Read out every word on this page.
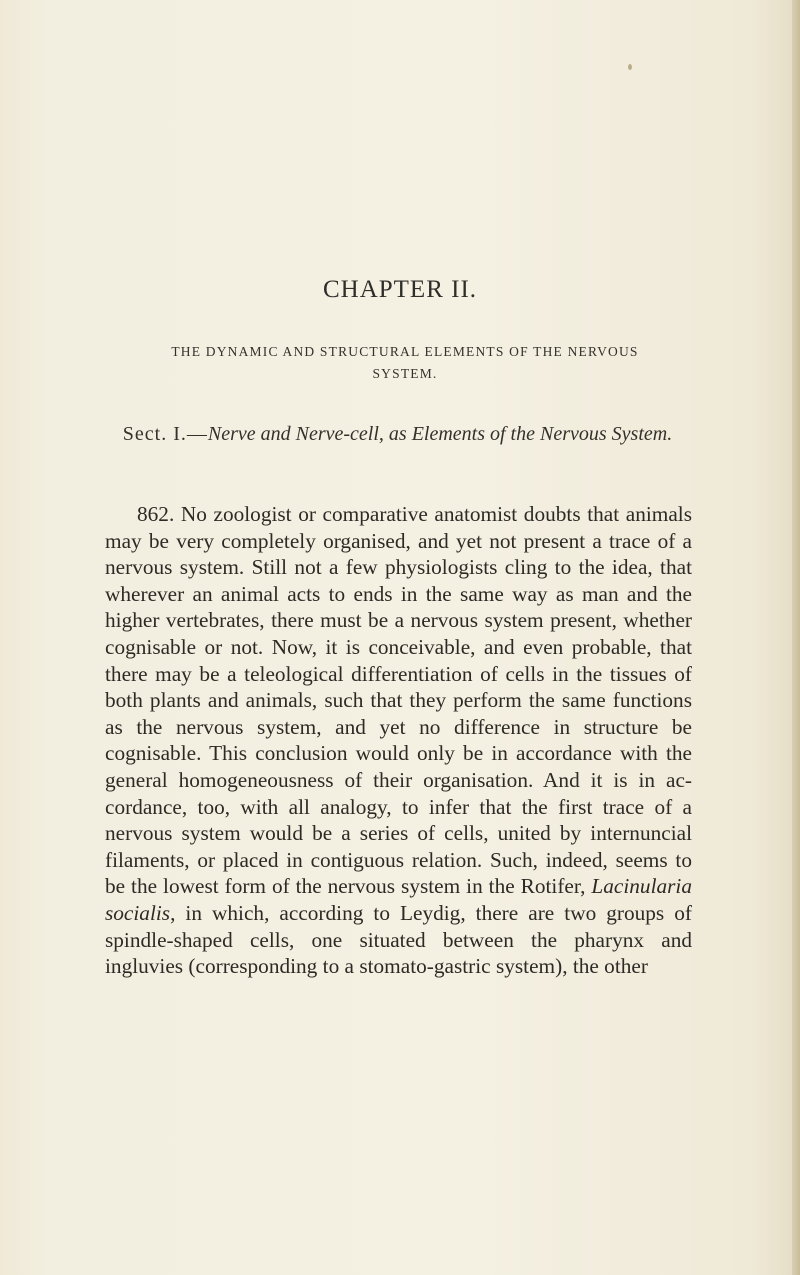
CHAPTER II.
THE DYNAMIC AND STRUCTURAL ELEMENTS OF THE NERVOUS SYSTEM.
Sect. I.—Nerve and Nerve-cell, as Elements of the Nervous System.

862. No zoologist or comparative anatomist doubts that animals may be very completely organised, and yet not present a trace of a nervous system. Still not a few physiologists cling to the idea, that wherever an animal acts to ends in the same way as man and the higher vertebrates, there must be a nervous system present, whether cognisable or not. Now, it is conceivable, and even probable, that there may be a teleological differentiation of cells in the tissues of both plants and animals, such that they perform the same functions as the nervous system, and yet no difference in structure be cognisable. This conclusion would only be in accordance with the general homogeneousness of their organisation. And it is in accordance, too, with all analogy, to infer that the first trace of a nervous system would be a series of cells, united by internuncial filaments, or placed in contiguous relation. Such, indeed, seems to be the lowest form of the nervous system in the Rotifer, Lacinularia socialis, in which, according to Leydig, there are two groups of spindle-shaped cells, one situated between the pharynx and ingluvies (corresponding to a stomato-gastric system), the other
